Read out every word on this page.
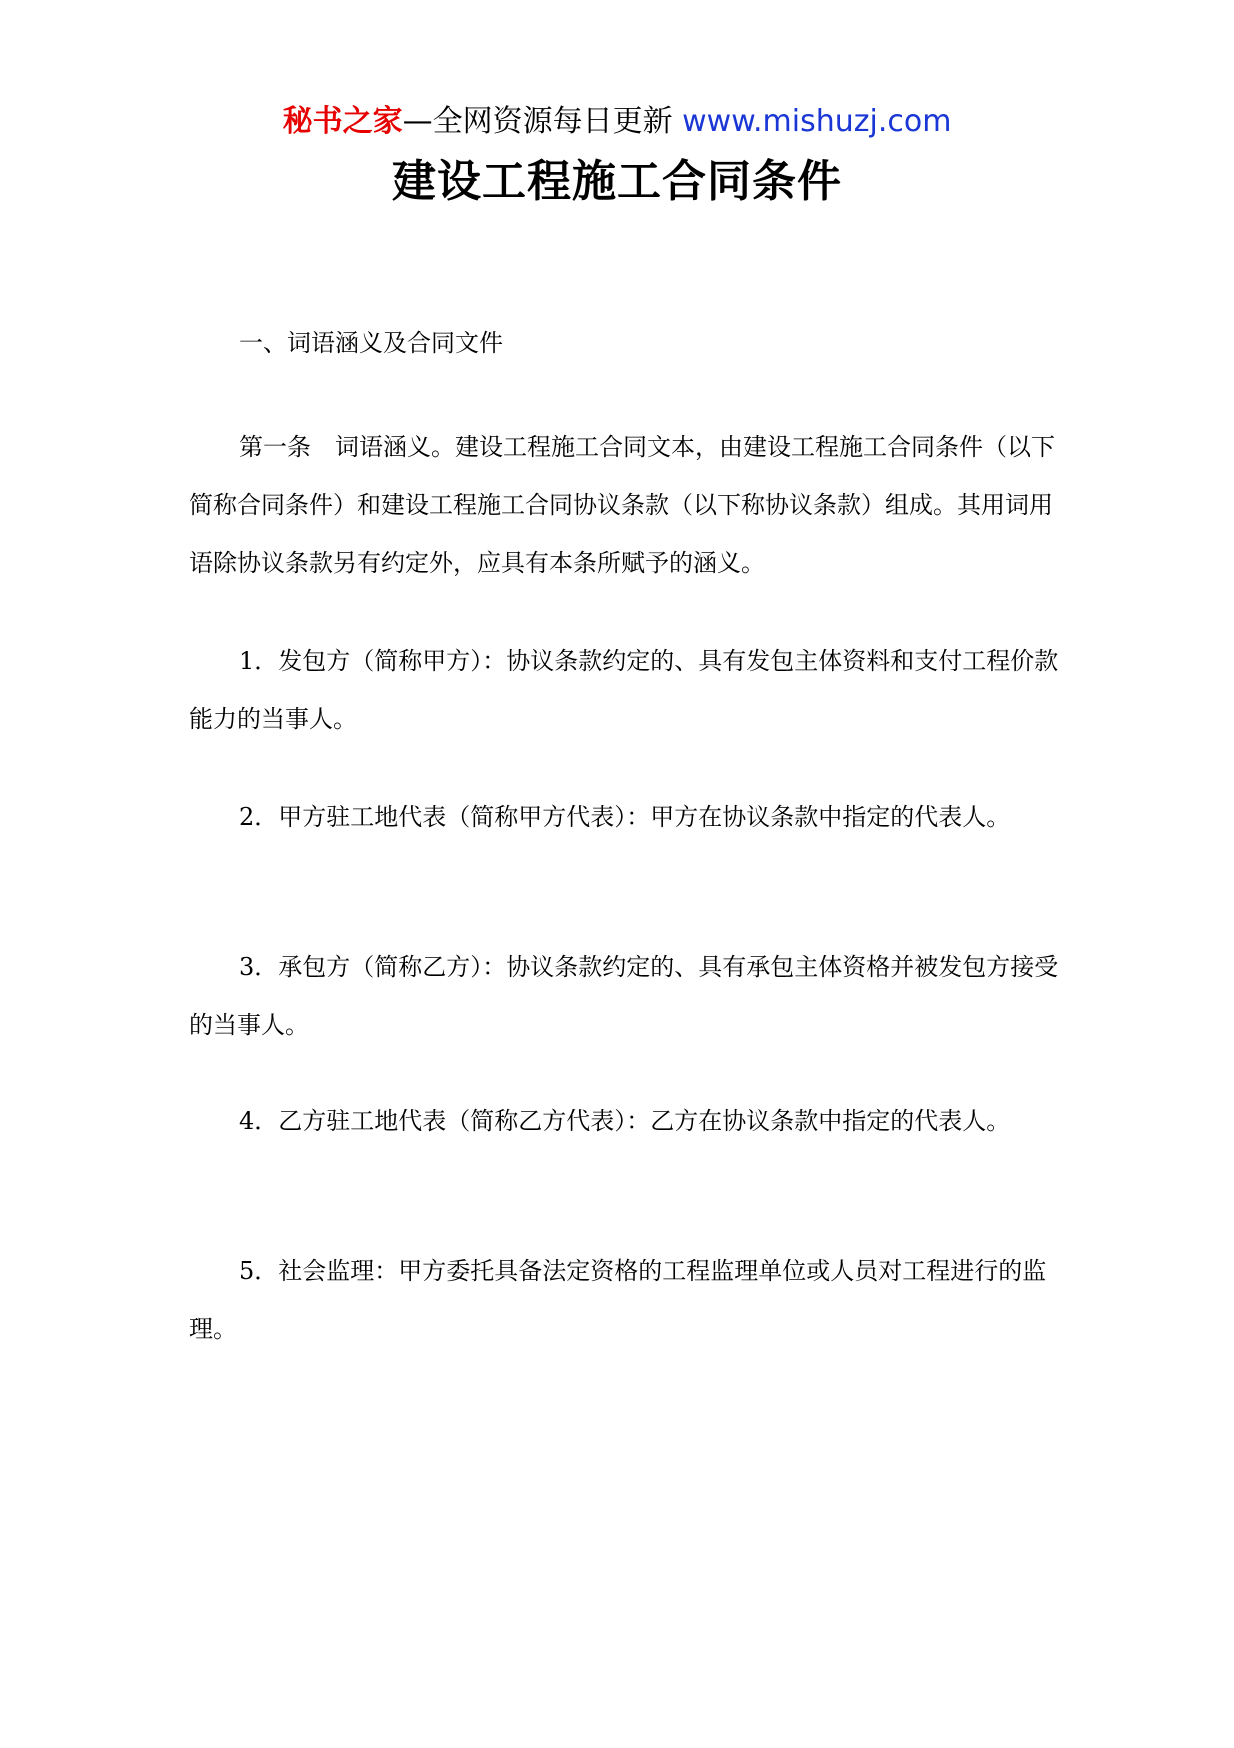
秘书之家—全网资源每日更新 www.mishuzj.com
建设工程施工合同条件

一、词语涵义及合同文件

第一条　词语涵义。建设工程施工合同文本，由建设工程施工合同条件（以下简称合同条件）和建设工程施工合同协议条款（以下称协议条款）组成。其用词用语除协议条款另有约定外，应具有本条所赋予的涵义。

1．发包方（简称甲方）：协议条款约定的、具有发包主体资料和支付工程价款能力的当事人。

2．甲方驻工地代表（简称甲方代表）：甲方在协议条款中指定的代表人。

3．承包方（简称乙方）：协议条款约定的、具有承包主体资格并被发包方接受的当事人。

4．乙方驻工地代表（简称乙方代表）：乙方在协议条款中指定的代表人。

5．社会监理：甲方委托具备法定资格的工程监理单位或人员对工程进行的监理。
